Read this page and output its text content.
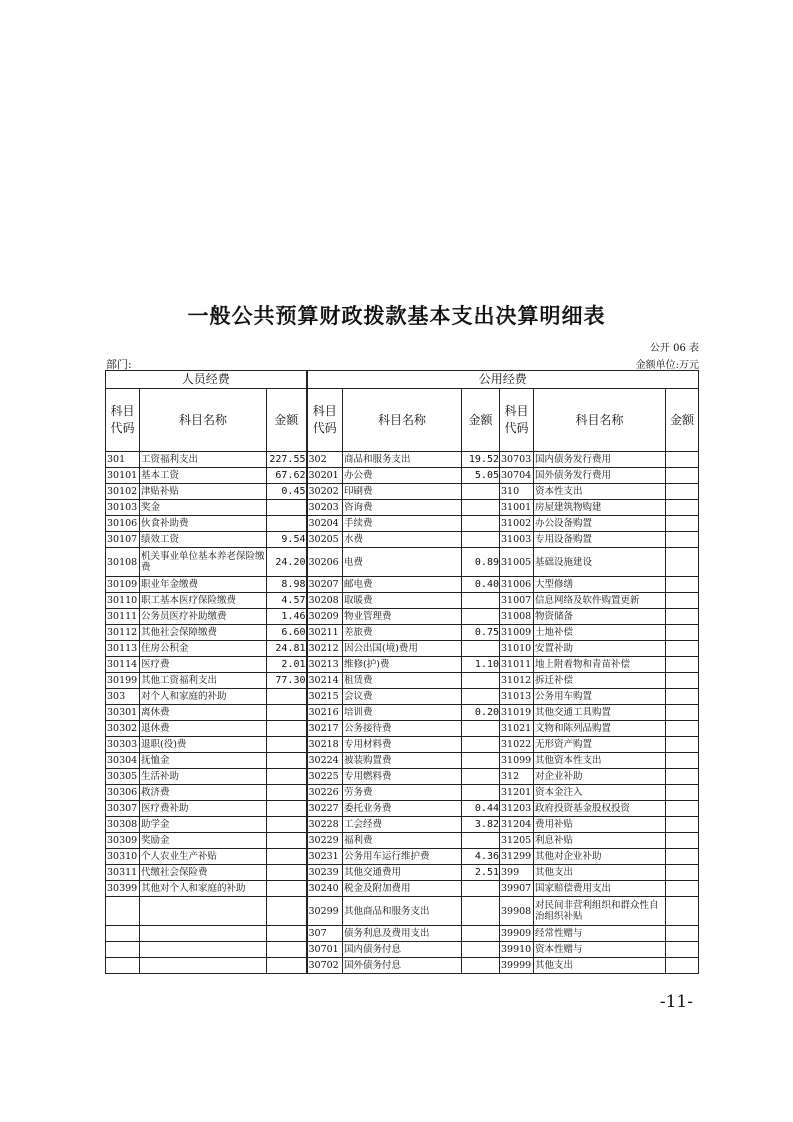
一般公共预算财政拨款基本支出决算明细表
公开 06 表
部门:	金额单位:万元
人员经费			公用经费					
科目代码	科目名称	金额	科目代码	科目名称	金额	科目代码	科目名称	金额
301	工资福利支出	227.55	302	商品和服务支出	19.52	30703	国内债务发行费用	
30101	基本工资	67.62	30201	办公费	5.05	30704	国外债务发行费用	
30102	津贴补贴	0.45	30202	印刷费		310	资本性支出	
30103	奖金		30203	咨询费		31001	房屋建筑物购建	
30106	伙食补助费		30204	手续费		31002	办公设备购置	
30107	绩效工资	9.54	30205	水费		31003	专用设备购置	
30108	机关事业单位基本养老保险缴费	24.20	30206	电费	0.89	31005	基础设施建设	
30109	职业年金缴费	8.98	30207	邮电费	0.40	31006	大型修缮	
30110	职工基本医疗保险缴费	4.57	30208	取暖费		31007	信息网络及软件购置更新	
30111	公务员医疗补助缴费	1.46	30209	物业管理费		31008	物资储备	
30112	其他社会保障缴费	6.60	30211	差旅费	0.75	31009	土地补偿	
30113	住房公积金	24.81	30212	因公出国(境)费用		31010	安置补助	
30114	医疗费	2.01	30213	维修(护)费	1.10	31011	地上附着物和青苗补偿	
30199	其他工资福利支出	77.30	30214	租赁费		31012	拆迁补偿	
303	对个人和家庭的补助		30215	会议费		31013	公务用车购置	
30301	离休费		30216	培训费	0.20	31019	其他交通工具购置	
30302	退休费		30217	公务接待费		31021	文物和陈列品购置	
30303	退职(役)费		30218	专用材料费		31022	无形资产购置	
30304	抚恤金		30224	被装购置费		31099	其他资本性支出	
30305	生活补助		30225	专用燃料费		312	对企业补助	
30306	救济费		30226	劳务费		31201	资本金注入	
30307	医疗费补助		30227	委托业务费	0.44	31203	政府投资基金股权投资	
30308	助学金		30228	工会经费	3.82	31204	费用补贴	
30309	奖励金		30229	福利费		31205	利息补贴	
30310	个人农业生产补贴		30231	公务用车运行维护费	4.36	31299	其他对企业补助	
30311	代缴社会保险费		30239	其他交通费用	2.51	399	其他支出	
30399	其他对个人和家庭的补助		30240	税金及附加费用		39907	国家赔偿费用支出	
			30299	其他商品和服务支出		39908	对民间非营利组织和群众性自治组织补贴	
			307	债务利息及费用支出		39909	经常性赠与	
			30701	国内债务付息		39910	资本性赠与	
			30702	国外债务付息		39999	其他支出	
-11-
